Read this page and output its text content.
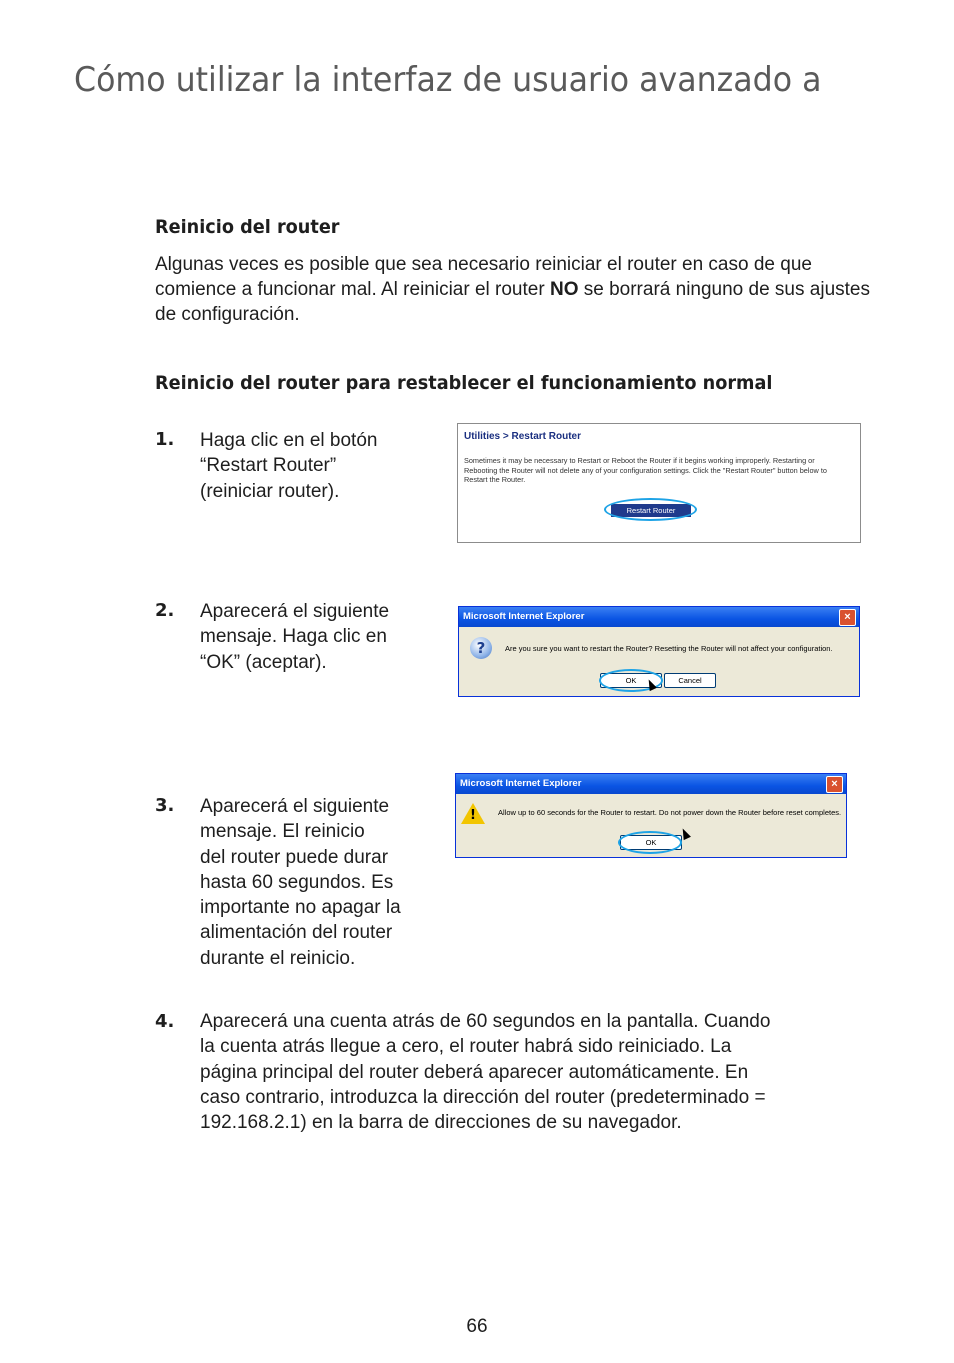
Cómo utilizar la interfaz de usuario avanzado a
Reinicio del router

Algunas veces es posible que sea necesario reiniciar el router en caso de que comience a funcionar mal. Al reiniciar el router NO se borrará ninguno de sus ajustes de configuración.

Reinicio del router para restablecer el funcionamiento normal
1. Haga clic en el botón
“Restart Router”
(reiniciar router).

Utilities > Restart Router
Sometimes it may be necessary to Restart or Reboot the Router if it begins working improperly. Restarting or Rebooting the Router will not delete any of your configuration settings. Click the "Restart Router" button below to Restart the Router.
Restart Router
2. Aparecerá el siguiente
mensaje. Haga clic en
“OK” (aceptar).

Microsoft Internet Explorer	×
?	Are you sure you want to restart the Router? Resetting the Router will not affect your configuration.
OK	Cancel
3. Aparecerá el siguiente
mensaje. El reinicio
del router puede durar
hasta 60 segundos. Es
importante no apagar la
alimentación del router
durante el reinicio.

Microsoft Internet Explorer	×
!	Allow up to 60 seconds for the Router to restart. Do not power down the Router before reset completes.
OK
4. Aparecerá una cuenta atrás de 60 segundos en la pantalla. Cuando
la cuenta atrás llegue a cero, el router habrá sido reiniciado. La
página principal del router deberá aparecer automáticamente. En
caso contrario, introduzca la dirección del router (predeterminado =
192.168.2.1) en la barra de direcciones de su navegador.

66
